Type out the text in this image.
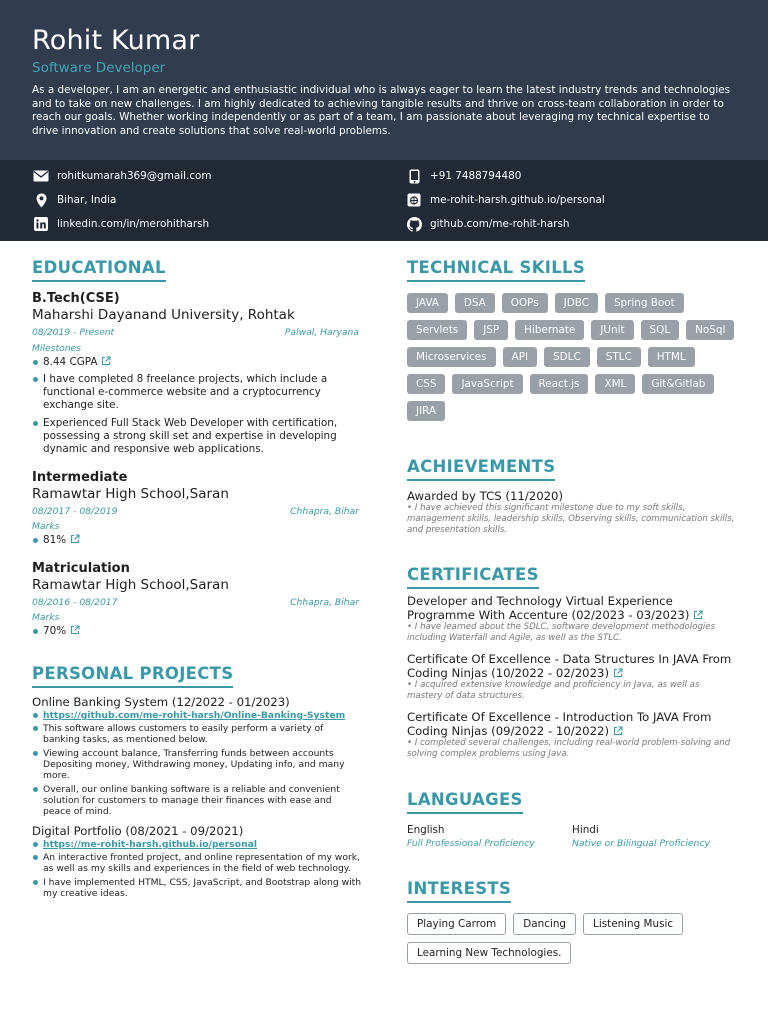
Rohit Kumar
Software Developer
As a developer, I am an energetic and enthusiastic individual who is always eager to learn the latest industry trends and technologies and to take on new challenges. I am highly dedicated to achieving tangible results and thrive on cross-team collaboration in order to reach our goals. Whether working independently or as part of a team, I am passionate about leveraging my technical expertise to drive innovation and create solutions that solve real-world problems.
rohitkumarah369@gmail.com	+91 7488794480
Bihar, India	me-rohit-harsh.github.io/personal
linkedin.com/in/merohitharsh	github.com/me-rohit-harsh
EDUCATIONAL
B.Tech(CSE)
Maharshi Dayanand University, Rohtak
08/2019 - Present	Palwal, Haryana
Milestones
8.44 CGPA
I have completed 8 freelance projects, which include a functional e-commerce website and a cryptocurrency exchange site.
Experienced Full Stack Web Developer with certification, possessing a strong skill set and expertise in developing dynamic and responsive web applications.
Intermediate
Ramawtar High School,Saran
08/2017 - 08/2019	Chhapra, Bihar
Marks
81%
Matriculation
Ramawtar High School,Saran
08/2016 - 08/2017	Chhapra, Bihar
Marks
70%
PERSONAL PROJECTS
Online Banking System (12/2022 - 01/2023)
https://github.com/me-rohit-harsh/Online-Banking-System
This software allows customers to easily perform a variety of banking tasks, as mentioned below.
Viewing account balance, Transferring funds between accounts Depositing money, Withdrawing money, Updating info, and many more.
Overall, our online banking software is a reliable and convenient solution for customers to manage their finances with ease and peace of mind.
Digital Portfolio (08/2021 - 09/2021)
https://me-rohit-harsh.github.io/personal
An interactive fronted project, and online representation of my work, as well as my skills and experiences in the field of web technology.
I have implemented HTML, CSS, JavaScript, and Bootstrap along with my creative ideas.
TECHNICAL SKILLS
JAVA	DSA	OOPs	JDBC	Spring Boot
Servlets	JSP	Hibernate	JUnit	SQL	NoSql
Microservices	API	SDLC	STLC	HTML
CSS	JavaScript	React.js	XML	Git&Gitlab
JIRA
ACHIEVEMENTS
Awarded by TCS (11/2020)
• I have achieved this significant milestone due to my soft skills, management skills, leadership skills, Observing skills, communication skills, and presentation skills.
CERTIFICATES
Developer and Technology Virtual Experience Programme With Accenture (02/2023 - 03/2023)
• I have learned about the SDLC, software development methodologies including Waterfall and Agile, as well as the STLC.
Certificate Of Excellence - Data Structures In JAVA From Coding Ninjas (10/2022 - 02/2023)
• I acquired extensive knowledge and proficiency in Java, as well as mastery of data structures.
Certificate Of Excellence - Introduction To JAVA From Coding Ninjas (09/2022 - 10/2022)
• I completed several challenges, including real-world problem-solving and solving complex problems using Java.
LANGUAGES
English
Full Professional Proficiency
Hindi
Native or Bilingual Proficiency
INTERESTS
Playing Carrom	Dancing	Listening Music
Learning New Technologies.
